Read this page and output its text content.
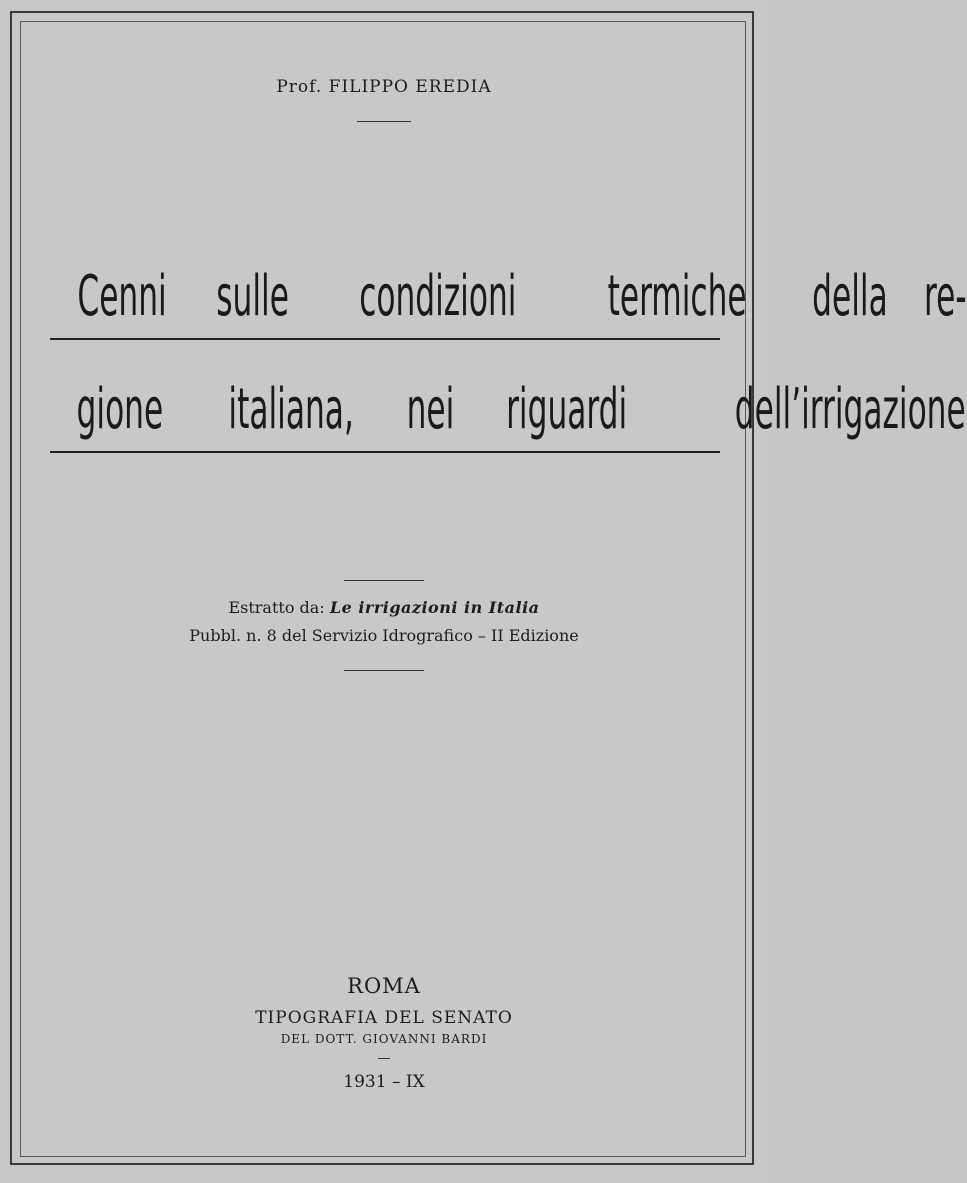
Prof. FILIPPO EREDIA
Cenni sulle condizioni termiche della re-
gione italiana, nei riguardi dell’irrigazione
Estratto da: Le irrigazioni in Italia
Pubbl. n. 8 del Servizio Idrografico – II Edizione
ROMA
TIPOGRAFIA DEL SENATO
DEL DOTT. GIOVANNI BARDI
1931 – IX
